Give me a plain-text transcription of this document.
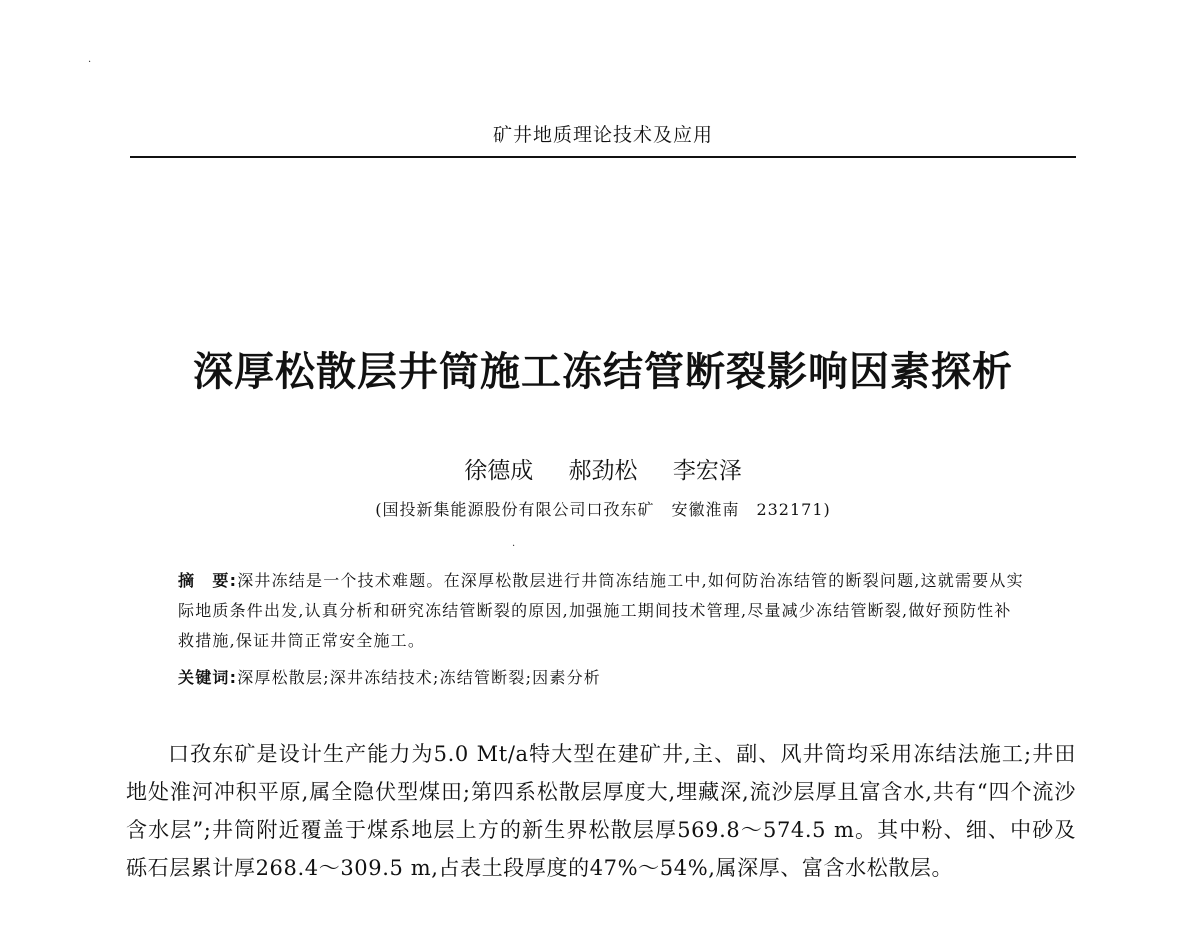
·
·
矿井地质理论技术及应用
深厚松散层井筒施工冻结管断裂影响因素探析
徐德成 郝劲松 李宏泽
(国投新集能源股份有限公司口孜东矿　安徽淮南　232171)
摘　要:深井冻结是一个技术难题。在深厚松散层进行井筒冻结施工中,如何防治冻结管的断裂问题,这就需要从实际地质条件出发,认真分析和研究冻结管断裂的原因,加强施工期间技术管理,尽量减少冻结管断裂,做好预防性补救措施,保证井筒正常安全施工。
关键词:深厚松散层;深井冻结技术;冻结管断裂;因素分析
口孜东矿是设计生产能力为5.0 Mt/a特大型在建矿井,主、副、风井筒均采用冻结法施工;井田地处淮河冲积平原,属全隐伏型煤田;第四系松散层厚度大,埋藏深,流沙层厚且富含水,共有“四个流沙含水层”;井筒附近覆盖于煤系地层上方的新生界松散层厚569.8～574.5 m。其中粉、细、中砂及砾石层累计厚268.4～309.5 m,占表土段厚度的47%～54%,属深厚、富含水松散层。
